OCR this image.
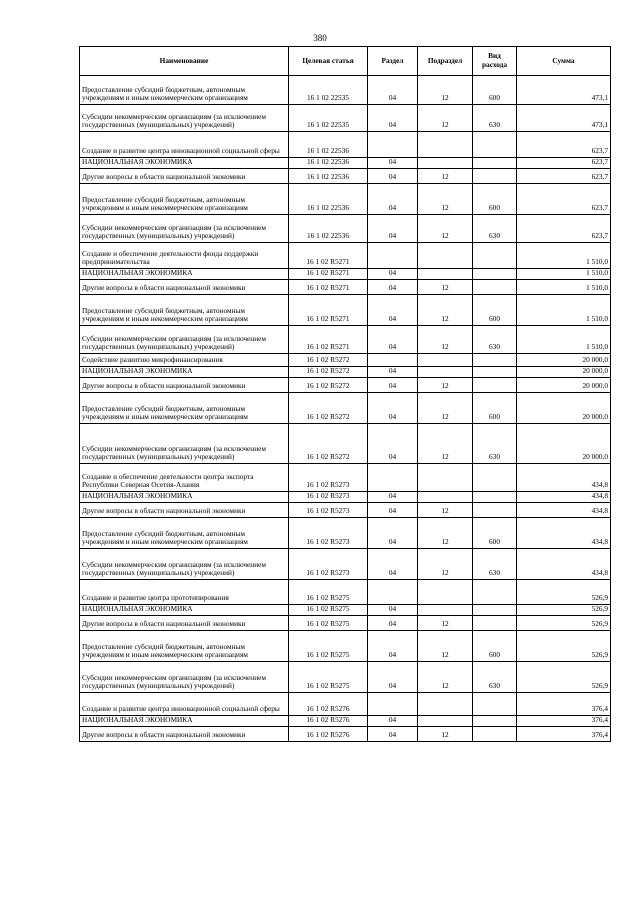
380
Наименование	Целевая статья	Раздел	Подраздел	Вид расхода	Сумма
Предоставление субсидий бюджетным, автономным учреждениям и иным некоммерческим организациям	16 1 02 22535	04	12	600	473,1
Субсидии некоммерческим организациям (за исключением государственных (муниципальных) учреждений)	16 1 02 22535	04	12	630	473,1
Создание и развитие центра инновационной социальной сферы	16 1 02 22536				623,7
НАЦИОНАЛЬНАЯ ЭКОНОМИКА	16 1 02 22536	04			623,7
Другие вопросы в области национальной экономики	16 1 02 22536	04	12		623,7
Предоставление субсидий бюджетным, автономным учреждениям и иным некоммерческим организациям	16 1 02 22536	04	12	600	623,7
Субсидии некоммерческим организациям (за исключением государственных (муниципальных) учреждений)	16 1 02 22536	04	12	630	623,7
Создание и обеспечение деятельности фонда поддержки предпринимательства	16 1 02 R5271				1 510,0
НАЦИОНАЛЬНАЯ ЭКОНОМИКА	16 1 02 R5271	04			1 510,0
Другие вопросы в области национальной экономики	16 1 02 R5271	04	12		1 510,0
Предоставление субсидий бюджетным, автономным учреждениям и иным некоммерческим организациям	16 1 02 R5271	04	12	600	1 510,0
Субсидии некоммерческим организациям (за исключением государственных (муниципальных) учреждений)	16 1 02 R5271	04	12	630	1 510,0
Содействие развитию микрофинансирования	16 1 02 R5272				20 000,0
НАЦИОНАЛЬНАЯ ЭКОНОМИКА	16 1 02 R5272	04			20 000,0
Другие вопросы в области национальной экономики	16 1 02 R5272	04	12		20 000,0
Предоставление субсидий бюджетным, автономным учреждениям и иным некоммерческим организациям	16 1 02 R5272	04	12	600	20 000,0
Субсидии некоммерческим организациям (за исключением государственных (муниципальных) учреждений)	16 1 02 R5272	04	12	630	20 000,0
Создание и обеспечение деятельности центра экспорта Республики Северная Осетия-Алания	16 1 02 R5273				434,8
НАЦИОНАЛЬНАЯ ЭКОНОМИКА	16 1 02 R5273	04			434,8
Другие вопросы в области национальной экономики	16 1 02 R5273	04	12		434,8
Предоставление субсидий бюджетным, автономным учреждениям и иным некоммерческим организациям	16 1 02 R5273	04	12	600	434,8
Субсидии некоммерческим организациям (за исключением государственных (муниципальных) учреждений)	16 1 02 R5273	04	12	630	434,8
Создание и развитие центра прототипирования	16 1 02 R5275				526,9
НАЦИОНАЛЬНАЯ ЭКОНОМИКА	16 1 02 R5275	04			526,9
Другие вопросы в области национальной экономики	16 1 02 R5275	04	12		526,9
Предоставление субсидий бюджетным, автономным учреждениям и иным некоммерческим организациям	16 1 02 R5275	04	12	600	526,9
Субсидии некоммерческим организациям (за исключением государственных (муниципальных) учреждений)	16 1 02 R5275	04	12	630	526,9
Создание и развитие центра инновационной социальной сферы	16 1 02 R5276				376,4
НАЦИОНАЛЬНАЯ ЭКОНОМИКА	16 1 02 R5276	04			376,4
Другие вопросы в области национальной экономики	16 1 02 R5276	04	12		376,4
